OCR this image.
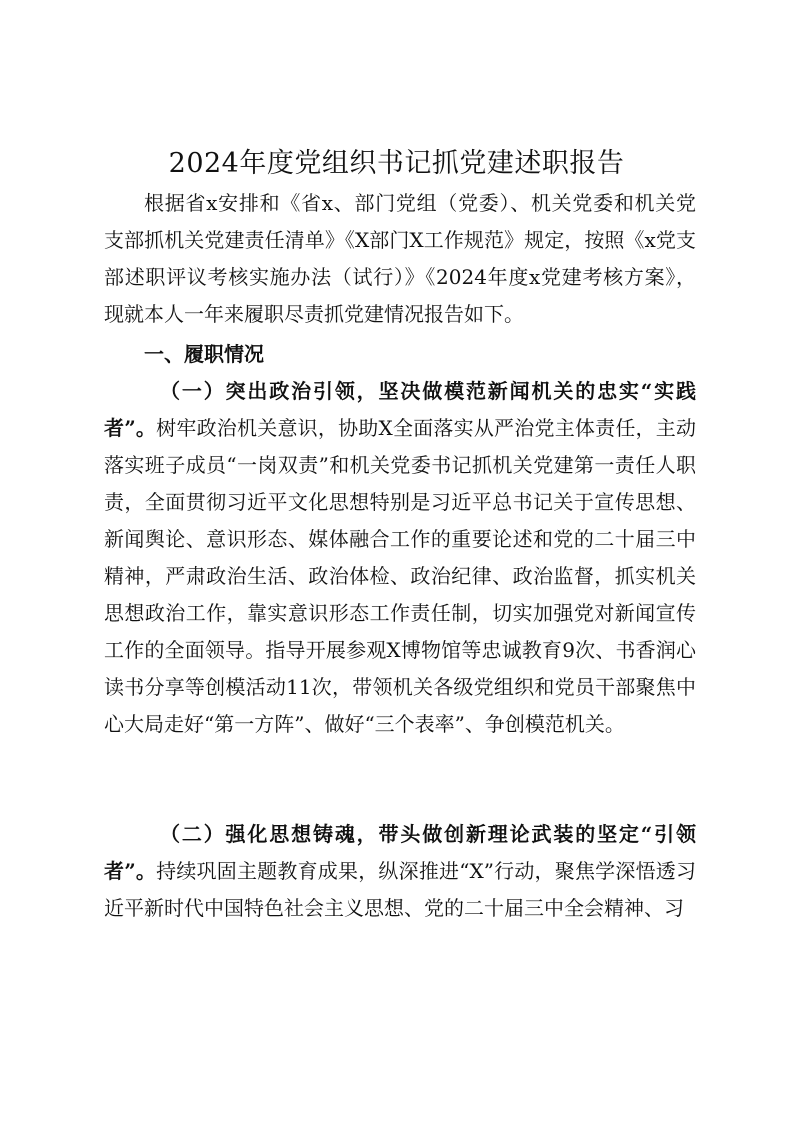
2024年度党组织书记抓党建述职报告
根据省x安排和《省x、部门党组（党委）、机关党委和机关党支部抓机关党建责任清单》《X部门X工作规范》规定，按照《x党支部述职评议考核实施办法（试行）》《2024年度x党建考核方案》，现就本人一年来履职尽责抓党建情况报告如下。
一、履职情况
（一）突出政治引领，坚决做模范新闻机关的忠实“实践者”。树牢政治机关意识，协助X全面落实从严治党主体责任，主动落实班子成员“一岗双责”和机关党委书记抓机关党建第一责任人职责，全面贯彻习近平文化思想特别是习近平总书记关于宣传思想、新闻舆论、意识形态、媒体融合工作的重要论述和党的二十届三中精神，严肃政治生活、政治体检、政治纪律、政治监督，抓实机关思想政治工作，靠实意识形态工作责任制，切实加强党对新闻宣传工作的全面领导。指导开展参观X博物馆等忠诚教育9次、书香润心读书分享等创模活动11次，带领机关各级党组织和党员干部聚焦中心大局走好“第一方阵”、做好“三个表率”、争创模范机关。
（二）强化思想铸魂，带头做创新理论武装的坚定“引领者”。持续巩固主题教育成果，纵深推进“X”行动，聚焦学深悟透习近平新时代中国特色社会主义思想、党的二十届三中全会精神、习
